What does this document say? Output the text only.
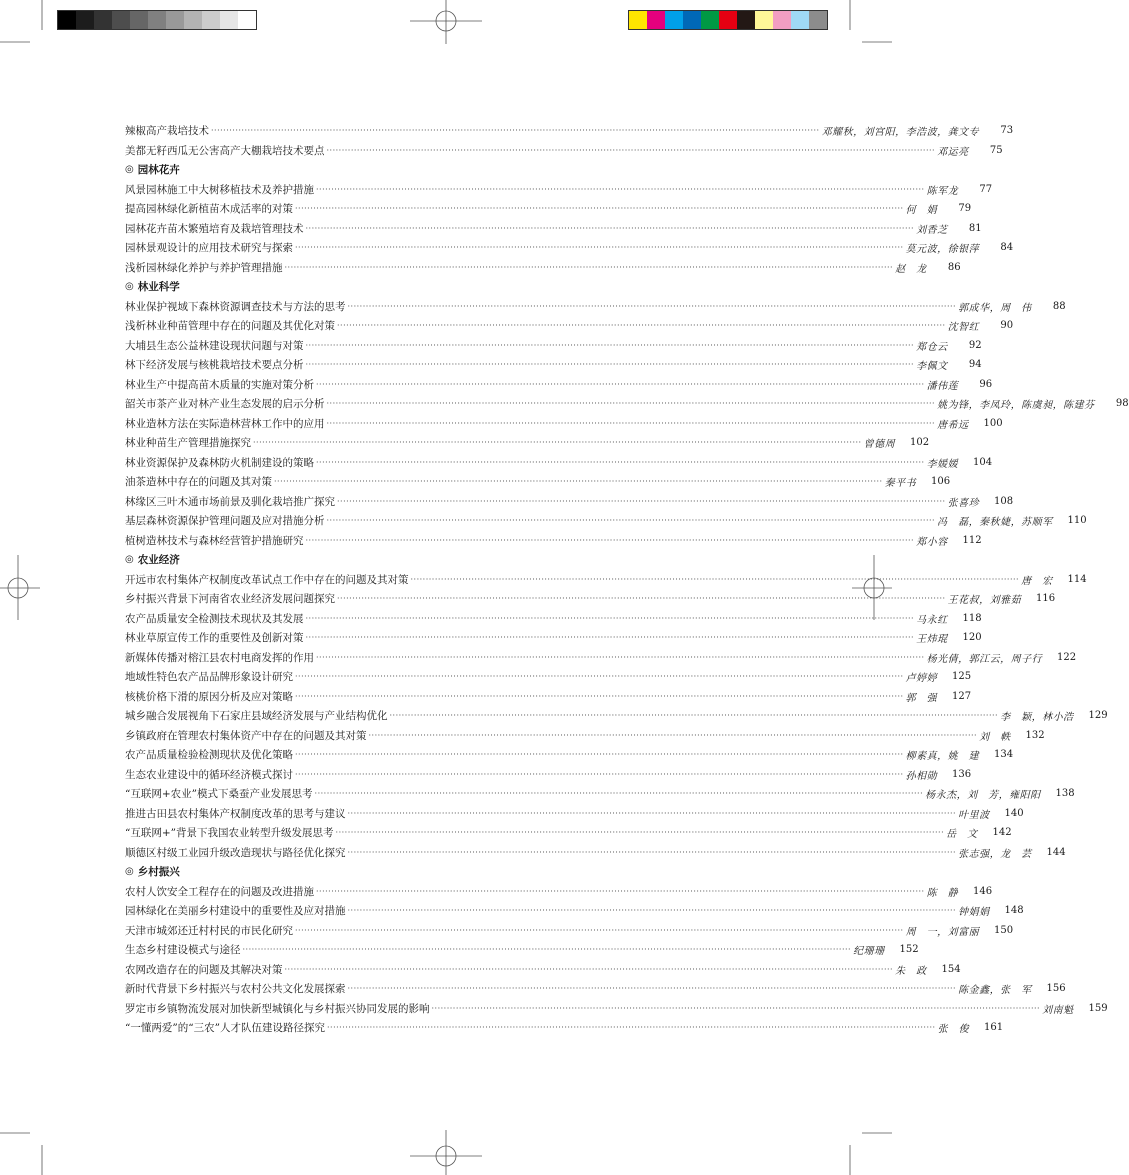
辣椒高产栽培技术 ········································································································································································································ 邓耀秋，刘宫阳，李浩波，龚文专	73
美都无籽西瓜无公害高产大棚栽培技术要点 ········································································································································································································ 邓运亮	75
◎ 园林花卉
风景园林施工中大树移植技术及养护措施 ········································································································································································································ 陈军龙	77
提高园林绿化新植苗木成活率的对策 ········································································································································································································ 何　娟	79
园林花卉苗木繁殖培育及栽培管理技术 ········································································································································································································ 刘香芝	81
园林景观设计的应用技术研究与探索 ········································································································································································································ 莫元波，徐银萍	84
浅析园林绿化养护与养护管理措施 ········································································································································································································ 赵　龙	86
◎ 林业科学
林业保护视域下森林资源调查技术与方法的思考 ········································································································································································································ 郭成华，周　伟	88
浅析林业种苗管理中存在的问题及其优化对策 ········································································································································································································ 沈智红	90
大埔县生态公益林建设现状问题与对策 ········································································································································································································ 郑仓云	92
林下经济发展与核桃栽培技术要点分析 ········································································································································································································ 李佩文	94
林业生产中提高苗木质量的实施对策分析 ········································································································································································································ 潘伟莲	96
韶关市茶产业对林产业生态发展的启示分析 ········································································································································································································ 姚为锋，李凤玲，陈虞昶，陈建芬	98
林业造林方法在实际造林营林工作中的应用 ········································································································································································································ 唐希远	100
林业种苗生产管理措施探究 ········································································································································································································ 曾德周	102
林业资源保护及森林防火机制建设的策略 ········································································································································································································ 李媛媛	104
油茶造林中存在的问题及其对策 ········································································································································································································ 秦平书	106
林缘区三叶木通市场前景及驯化栽培推广探究 ········································································································································································································ 张喜珍	108
基层森林资源保护管理问题及应对措施分析 ········································································································································································································ 冯　磊，秦秋婕，苏顺军	110
植树造林技术与森林经营管护措施研究 ········································································································································································································ 郑小容	112
◎ 农业经济
开远市农村集体产权制度改革试点工作中存在的问题及其对策 ········································································································································································································ 唐　宏	114
乡村振兴背景下河南省农业经济发展问题探究 ········································································································································································································ 王花叔，刘雅茹	116
农产品质量安全检测技术现状及其发展 ········································································································································································································ 马永红	118
林业草原宣传工作的重要性及创新对策 ········································································································································································································ 王炜琨	120
新媒体传播对榕江县农村电商发挥的作用 ········································································································································································································ 杨光倩，郭江云，周子行	122
地域性特色农产品品牌形象设计研究 ········································································································································································································ 卢婷婷	125
核桃价格下滑的原因分析及应对策略 ········································································································································································································ 郭　强	127
城乡融合发展视角下石家庄县域经济发展与产业结构优化 ········································································································································································································ 李　颖，林小浩	129
乡镇政府在管理农村集体资产中存在的问题及其对策 ········································································································································································································ 刘　軼	132
农产品质量检验检测现状及优化策略 ········································································································································································································ 柳素真，姚　建	134
生态农业建设中的循环经济模式探讨 ········································································································································································································ 孙相勋	136
“互联网+农业”模式下桑蚕产业发展思考 ········································································································································································································ 杨永杰，刘　芳，雍阳阳	138
推进古田县农村集体产权制度改革的思考与建议 ········································································································································································································ 叶里波	140
“互联网+”背景下我国农业转型升级发展思考 ········································································································································································································ 岳　文	142
顺德区村级工业园升级改造现状与路径优化探究 ········································································································································································································ 张志强，龙　芸	144
◎ 乡村振兴
农村人饮安全工程存在的问题及改进措施 ········································································································································································································ 陈　静	146
园林绿化在美丽乡村建设中的重要性及应对措施 ········································································································································································································ 钟娟娟	148
天津市城郊还迁村村民的市民化研究 ········································································································································································································ 周　一，刘富丽	150
生态乡村建设模式与途径 ········································································································································································································ 纪珊珊	152
农网改造存在的问题及其解决对策 ········································································································································································································ 朱　政	154
新时代背景下乡村振兴与农村公共文化发展探索 ········································································································································································································ 陈金鑫，张　军	156
罗定市乡镇物流发展对加快新型城镇化与乡村振兴协同发展的影响 ········································································································································································································ 刘南魁	159
“一懂两爱”的“三农”人才队伍建设路径探究 ········································································································································································································ 张　俊	161
